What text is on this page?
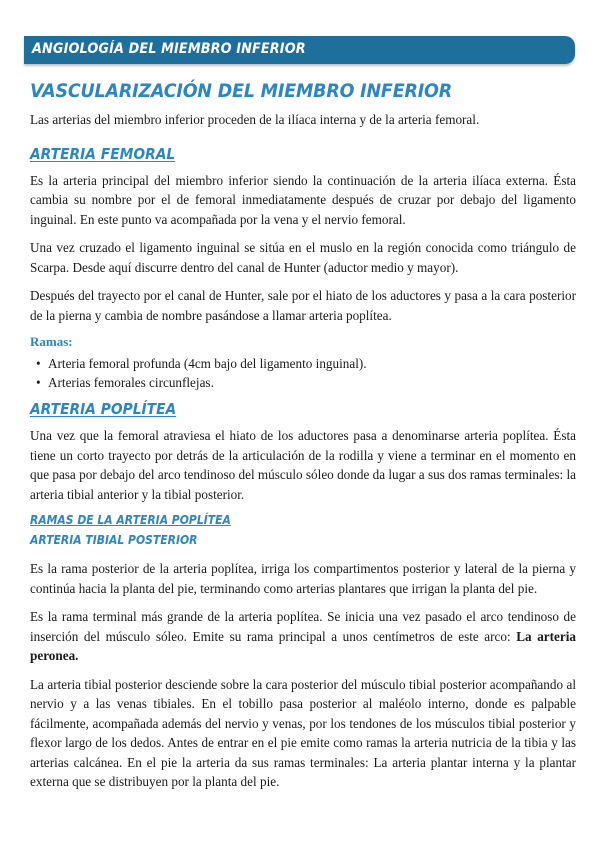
ANGIOLOGÍA DEL MIEMBRO INFERIOR
VASCULARIZACIÓN DEL MIEMBRO INFERIOR

Las arterias del miembro inferior proceden de la ilíaca interna y de la arteria femoral.

ARTERIA FEMORAL

Es la arteria principal del miembro inferior siendo la continuación de la arteria ilíaca externa. Ésta cambia su nombre por el de femoral inmediatamente después de cruzar por debajo del ligamento inguinal. En este punto va acompañada por la vena y el nervio femoral.

Una vez cruzado el ligamento inguinal se sitúa en el muslo en la región conocida como triángulo de Scarpa. Desde aquí discurre dentro del canal de Hunter (aductor medio y mayor).

Después del trayecto por el canal de Hunter, sale por el hiato de los aductores y pasa a la cara posterior de la pierna y cambia de nombre pasándose a llamar arteria poplítea.

Ramas:
• Arteria femoral profunda (4cm bajo del ligamento inguinal).
• Arterias femorales circunflejas.
ARTERIA POPLÍTEA

Una vez que la femoral atraviesa el hiato de los aductores pasa a denominarse arteria poplítea. Ésta tiene un corto trayecto por detrás de la articulación de la rodilla y viene a terminar en el momento en que pasa por debajo del arco tendinoso del músculo sóleo donde da lugar a sus dos ramas terminales: la arteria tibial anterior y la tibial posterior.

RAMAS DE LA ARTERIA POPLÍTEA
ARTERIA TIBIAL POSTERIOR

Es la rama posterior de la arteria poplítea, irriga los compartimentos posterior y lateral de la pierna y continúa hacia la planta del pie, terminando como arterias plantares que irrigan la planta del pie.

Es la rama terminal más grande de la arteria poplítea. Se inicia una vez pasado el arco tendinoso de inserción del músculo sóleo. Emite su rama principal a unos centímetros de este arco: La arteria peronea.

La arteria tibial posterior desciende sobre la cara posterior del músculo tibial posterior acompañando al nervio y a las venas tibiales. En el tobillo pasa posterior al maléolo interno, donde es palpable fácilmente, acompañada además del nervio y venas, por los tendones de los músculos tibial posterior y flexor largo de los dedos. Antes de entrar en el pie emite como ramas la arteria nutricia de la tibia y las arterias calcánea. En el pie la arteria da sus ramas terminales: La arteria plantar interna y la plantar externa que se distribuyen por la planta del pie.
